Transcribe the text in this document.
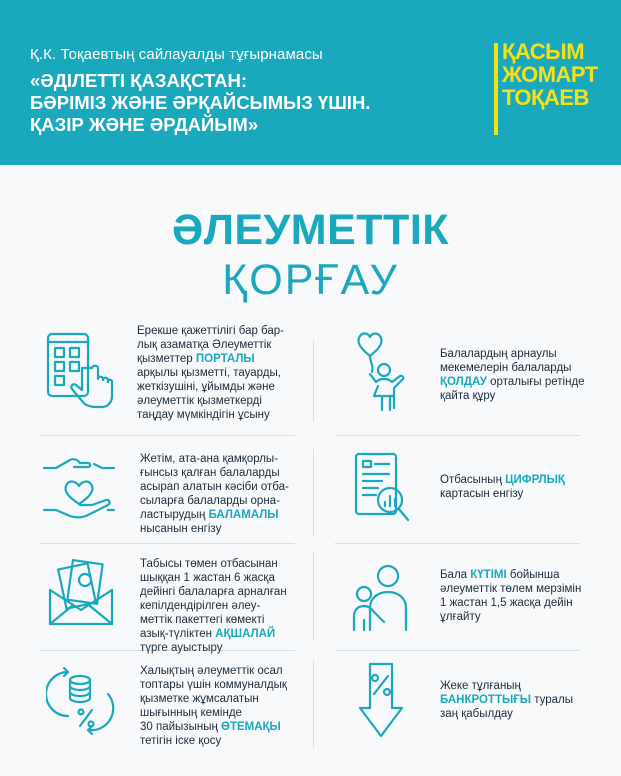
Қ.К. Тоқаевтың сайлауалды тұғырнамасы
«ӘДІЛЕТТІ ҚАЗАҚСТАН:
БӘРІМІЗ ЖӘНЕ ӘРҚАЙСЫМЫЗ ҮШІН.
ҚАЗІР ЖӘНЕ ӘРДАЙЫМ»
ҚАСЫМ
ЖОМАРТ
ТОҚАЕВ
ӘЛЕУМЕТТІК
ҚОРҒАУ
Ерекше қажеттілігі бар бар-
лық азаматқа Әлеуметтік
қызметтер ПОРТАЛЫ
арқылы қызметті, тауарды,
жеткізушіні, ұйымды және
әлеуметтік қызметкерді
таңдау мүмкіндігін ұсыну
Балалардың арнаулы
мекемелерін балаларды
ҚОЛДАУ орталығы ретінде
қайта құру
Жетім, ата-ана қамқорлы-
ғынсыз қалған балаларды
асырап алатын кәсіби отба-
сыларға балаларды орна-
ластырудың БАЛАМАЛЫ
нысанын енгізу
Отбасының ЦИФРЛЫҚ
картасын енгізу
Табысы төмен отбасынан
шыққан 1 жастан 6 жасқа
дейінгі балаларға арналған
кепілдендірілген әлеу-
меттік пакеттегі көмекті
азық-түліктен АҚШАЛАЙ
түрге ауыстыру
Бала КҮТІМІ бойынша
әлеуметтік төлем мерзімін
1 жастан 1,5 жасқа дейін
ұлғайту
Халықтың әлеуметтік осал
топтары үшін коммуналдық
қызметке жұмсалатын
шығынның кемінде
30 пайызының ӨТЕМАҚЫ
тетігін іске қосу
Жеке тұлғаның
БАНКРОТТЫҒЫ туралы
заң қабылдау
